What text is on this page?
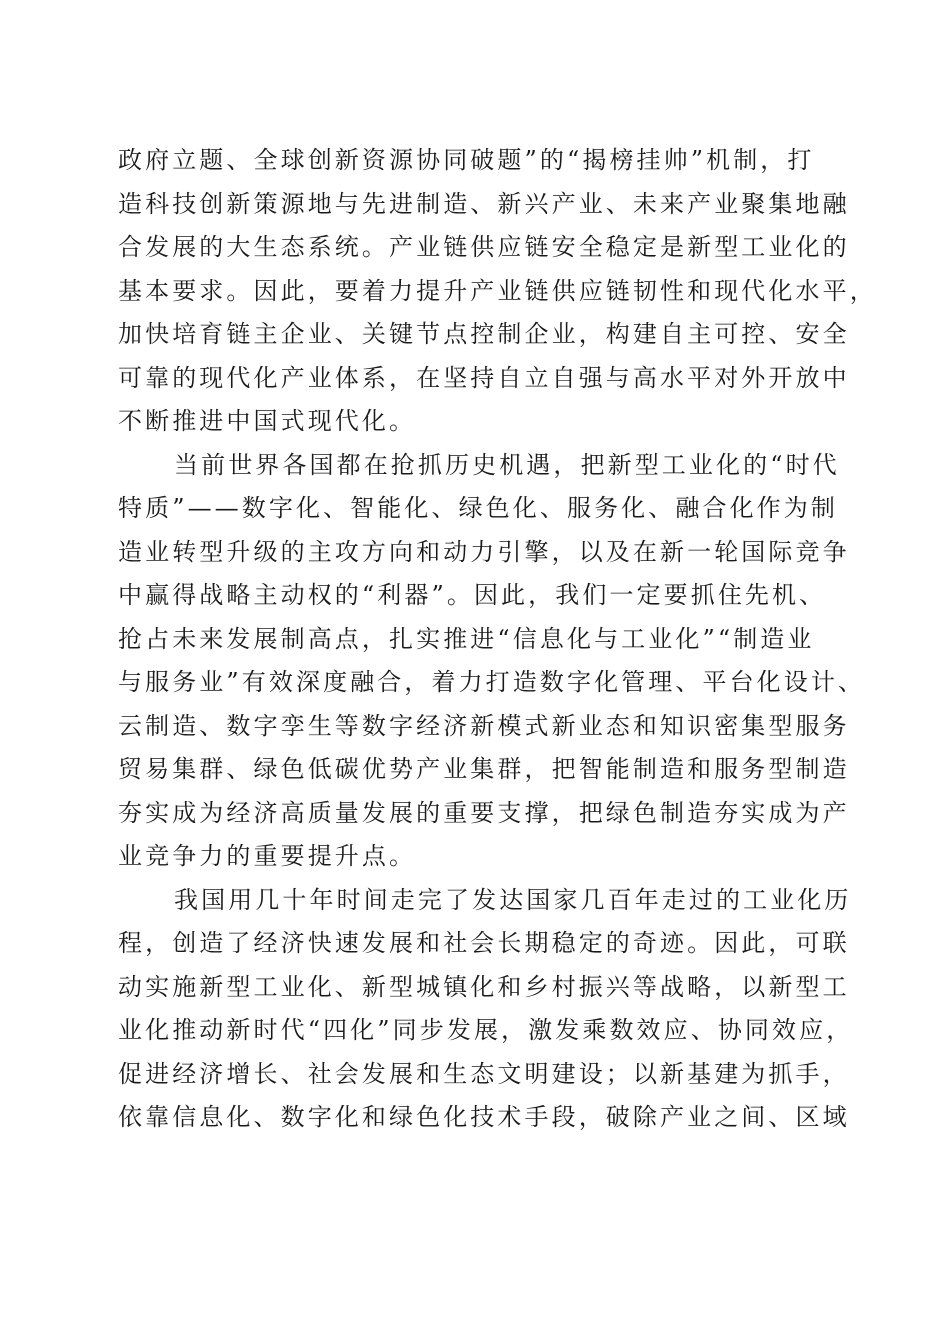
政府立题、全球创新资源协同破题”的“揭榜挂帅”机制，打
造科技创新策源地与先进制造、新兴产业、未来产业聚集地融
合发展的大生态系统。产业链供应链安全稳定是新型工业化的
基本要求。因此，要着力提升产业链供应链韧性和现代化水平，
加快培育链主企业、关键节点控制企业，构建自主可控、安全
可靠的现代化产业体系，在坚持自立自强与高水平对外开放中
不断推进中国式现代化。
当前世界各国都在抢抓历史机遇，把新型工业化的“时代
特质”——数字化、智能化、绿色化、服务化、融合化作为制
造业转型升级的主攻方向和动力引擎，以及在新一轮国际竞争
中赢得战略主动权的“利器”。因此，我们一定要抓住先机、
抢占未来发展制高点，扎实推进“信息化与工业化”“制造业
与服务业”有效深度融合，着力打造数字化管理、平台化设计、
云制造、数字孪生等数字经济新模式新业态和知识密集型服务
贸易集群、绿色低碳优势产业集群，把智能制造和服务型制造
夯实成为经济高质量发展的重要支撑，把绿色制造夯实成为产
业竞争力的重要提升点。
我国用几十年时间走完了发达国家几百年走过的工业化历
程，创造了经济快速发展和社会长期稳定的奇迹。因此，可联
动实施新型工业化、新型城镇化和乡村振兴等战略，以新型工
业化推动新时代“四化”同步发展，激发乘数效应、协同效应，
促进经济增长、社会发展和生态文明建设；以新基建为抓手，
依靠信息化、数字化和绿色化技术手段，破除产业之间、区域
